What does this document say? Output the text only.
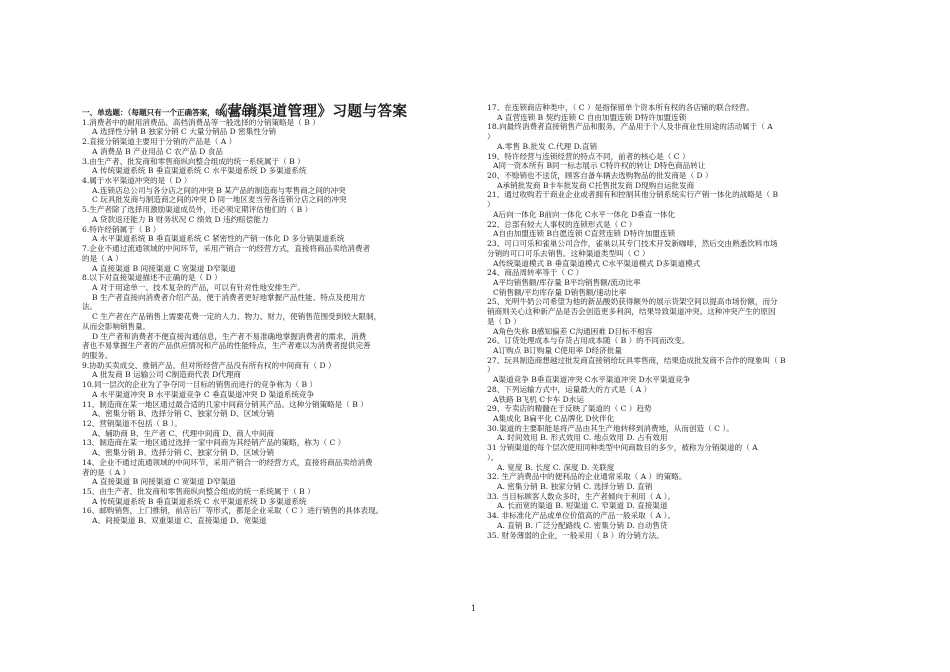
《营销渠道管理》习题与答案
一、单选题：（每题只有一个正确答案，每小题 1 分）
1.消费者中的耐用消费品、高档消费品等一般选择的分销策略是（ B ）
A 选择性分销 B 独家分销 C 大量分销品 D 密集性分销
2.直接分销渠道主要用于分销的产品是（ A ）
A 消费品 B 产业用品 C 农产品 D 食品
3.由生产者、批发商和零售商纵向整合组成的统一系统属于（ B ）
A 传统渠道系统 B 垂直渠道系统 C 水平渠道系统 D 多渠道系统
4.属于水平渠道冲突的是（ D ）
A.连锁店总公司与各分店之间的冲突 B 某产品的制造商与零售商之间的冲突
C 玩具批发商与制造商之间的冲突 D 同一地区麦当劳各连锁分店之间的冲突
5.生产者除了选择用激励渠道成员外，还必须定期评估他们的（ B ）
A 贷款返还能力 B 财务状况 C 绩效 D 违约赔偿能力
6.特许经销属于（ B ）
A 水平渠道系统 B 垂直渠道系统 C 紧密性的产销一体化 D 多分销渠道系统
7.企业不通过流通领域的中间环节，采用产销合一的经营方式，直接将商品卖给消费者
的是（ A ）
A 直接渠道 B 间接渠道 C 宽渠道 D窄渠道
8.以下对直接渠道描述不正确的是（ D ）
A 对于用途单一、技术复杂的产品，可以有针对性地安排生产。
B 生产者直接向消费者介绍产品，便于消费者更好地掌握产品性能、特点及使用方
法。
C 生产者在产品销售上需要花费一定的人力、物力、财力，使销售范围受到较大限制，
从而会影响销售量。
D 生产者和消费者不便直接沟通信息，生产者不易准确地掌握消费者的需求，消费
者也不易掌握生产者的产品供应情况和产品的性能特点，生产者难以为消费者提供完善
的服务。
9.协助买卖成交、推销产品，但对所经营产品没有所有权的中间商有（ D ）
A 批发商 B 运输公司 C制造商代表 D代理商
10.同一层次的企业为了争夺同一目标的销售而进行的竞争称为（ B ）
A 水平渠道冲突 B 水平渠道竞争 C 垂直渠道冲突 D 渠道系统竞争
11、制造商在某一地区通过最合适的几家中间商分销其产品。这种分销策略是（ B ）
A、密集分销 B、选择分销 C、独家分销 D、区域分销
12、营销渠道不包括（ B ）。
A、辅助商 B、生产者 C、代理中间商 D、商人中间商
13、制造商在某一地区通过选择一家中间商为其经销产品的策略，称为（ C ）
A、密集分销 B、选择分销 C、独家分销 D、区域分销
14、企业不通过流通领域的中间环节，采用产销合一的经营方式，直接将商品卖给消费
者的是（ A ）
A 直接渠道 B 间接渠道 C 宽渠道 D窄渠道
15、由生产者、批发商和零售商纵向整合组成的统一系统属于（ B ）
A 传统渠道系统 B 垂直渠道系统 C 水平渠道系统 D 多渠道系统
16、邮购销售，上门推销，前店后厂等形式，都是企业采取（ C ）进行销售的具体表现。
A、间接渠道 B、双重渠道 C、直接渠道 D、宽渠道
17、在连锁商店种类中，（ C ）是指保留单个资本所有权的各店铺的联合经营。
A 直营连锁 B 契约连锁 C 自由加盟连锁 D特许加盟连锁
18.向最终消费者直接销售产品和服务，产品用于个人及非商业性用途的活动属于（ A
）
A.零售 B.批发 C.代理 D.直销
19、特许经营与连锁经营的特点不同，前者的核心是（ C ）
A同一资本所有 B同一标志展示 C特许权的转让 D特色商品转让
20、不赊销也不送货，顾客自备车辆去选购物品的批发商是（ D ）
A承销批发商 B卡车批发商 C托售批发商 D现购自运批发商
21、通过收购若干商业企业或者拥有和控制其他分销系统实行产销一体化的战略是（ B
）
A后向一体化 B前向一体化 C水平一体化 D垂直一体化
22、总部有较大人事权的连锁形式是（ C ）
A自由加盟连锁 B自愿连锁 C直营连锁 D特许加盟连锁
23、可口可乐和雀巢公司合作，雀巢以其专门技术开发新咖啡，然后交由熟悉饮料市场
分销的可口可乐去销售。这种渠道类型叫（ C ）
A传统渠道模式 B 垂直渠道模式 C水平渠道模式 D多渠道模式
24、商品周转率等于（ C ）
A平均销售额/库存量 B平均销售额/流动比率
C销售额/平均库存量 D销售额/速动比率
25、光明牛奶公司希望为他的新品酸奶获得额外的展示货架空间以提高市场份额，而分
销商则关心这种新产品是否会创造更多利润，结果导致渠道冲突。这种冲突产生的原因
是（ D ）
A角色失称 B感知偏差 C沟通困难 D目标不相容
26、订货处理成本与存货占用成本随（ B ）的不同而改变。
A订购点 B订购量 C使用率 D经济批量
27、玩具制造商想越过批发商直接销给玩具零售商，结果造成批发商不合作的现象叫（ B
）
A渠道竞争 B垂直渠道冲突 C水平渠道冲突 D水平渠道竞争
28、下列运输方式中，运量最大的方式是（ A ）
A铁路 B飞机 C卡车 D水运
29、专卖店的精髓在于反映了渠道的（ C ）趋势
A集成化 B扁平化 C品牌化 D伙伴化
30.渠道的主要职能是将产品由其生产地转移到消费地，从而创造（ C ）。
A. 时间效用 B. 形式效用 C. 地点效用 D. 占有效用
31 分销渠道的每个层次使用同种类型中间商数目的多少，被称为分销渠道的（ A
）。
A. 宽度 B. 长度 C. 深度 D. 关联度
32. 生产消费品中的便利品的企业通常采取（ A ）的策略。
A. 密集分销 B. 独家分销 C. 选择分销 D. 直销
33. 当目标顾客人数众多时，生产者倾向于利用（ A ）。
A. 长而宽的渠道 B. 短渠道 C. 窄渠道 D. 直接渠道
34. 非标准化产品或单位价值高的产品一般采取（ A ）。
A. 直销 B. 广泛分配路线 C. 密集分销 D. 自动售货
35. 财务薄弱的企业，一般采用（ B ）的分销方法。
1
